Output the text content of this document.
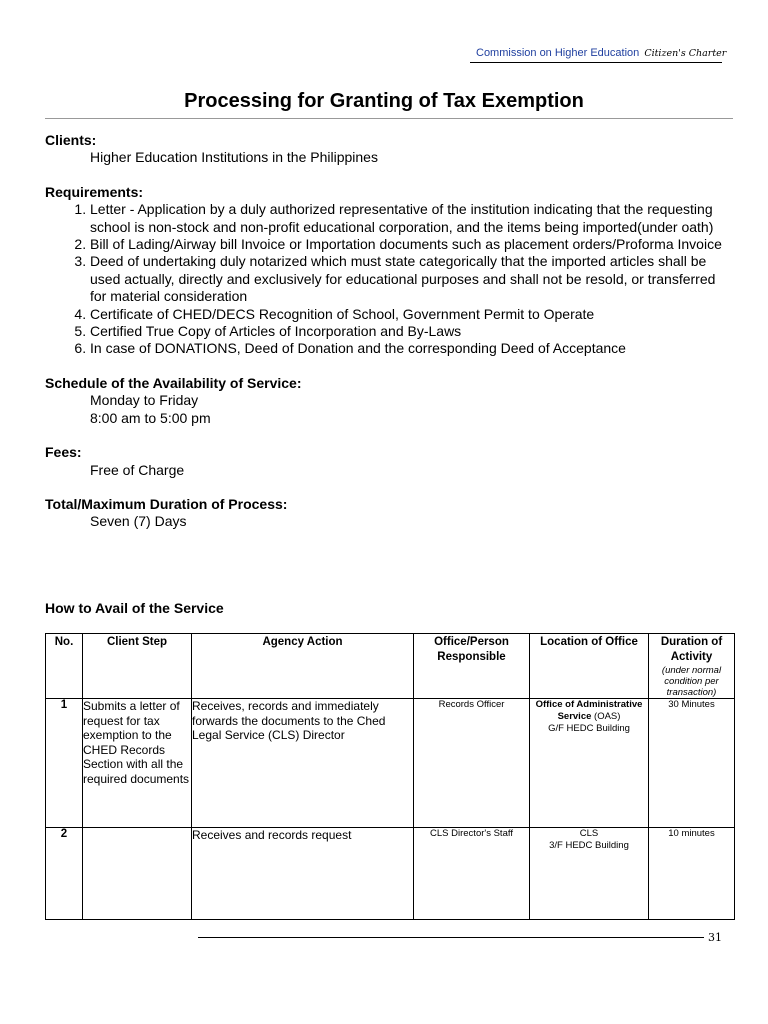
Commission on Higher Education Citizen's Charter
Processing for Granting of Tax Exemption
Clients:
Higher Education Institutions in the Philippines
Requirements:
1. Letter - Application by a duly authorized representative of the institution indicating that the requesting school is non-stock and non-profit educational corporation, and the items being imported(under oath)
2. Bill of Lading/Airway bill Invoice or Importation documents such as placement orders/Proforma Invoice
3. Deed of undertaking duly notarized which must state categorically that the imported articles shall be used actually, directly and exclusively for educational purposes and shall not be resold, or transferred for material consideration
4. Certificate of CHED/DECS Recognition of School, Government Permit to Operate
5. Certified True Copy of Articles of Incorporation and By-Laws
6. In case of DONATIONS, Deed of Donation and the corresponding Deed of Acceptance
Schedule of the Availability of Service:
Monday to Friday
8:00 am to 5:00 pm
Fees:
Free of Charge
Total/Maximum Duration of Process:
Seven (7) Days
How to Avail of the Service
No.	Client Step	Agency Action	Office/Person Responsible	Location of Office	Duration of Activity
(under normal condition per transaction)

1	Submits a letter of request for tax exemption to the CHED Records Section with all the required documents	Receives, records and immediately forwards the documents to the Ched Legal Service (CLS) Director	Records Officer	Office of Administrative Service (OAS)
G/F HEDC Building	30 Minutes
2		Receives and records request	CLS Director's Staff	CLS
3/F HEDC Building	10 minutes
31
